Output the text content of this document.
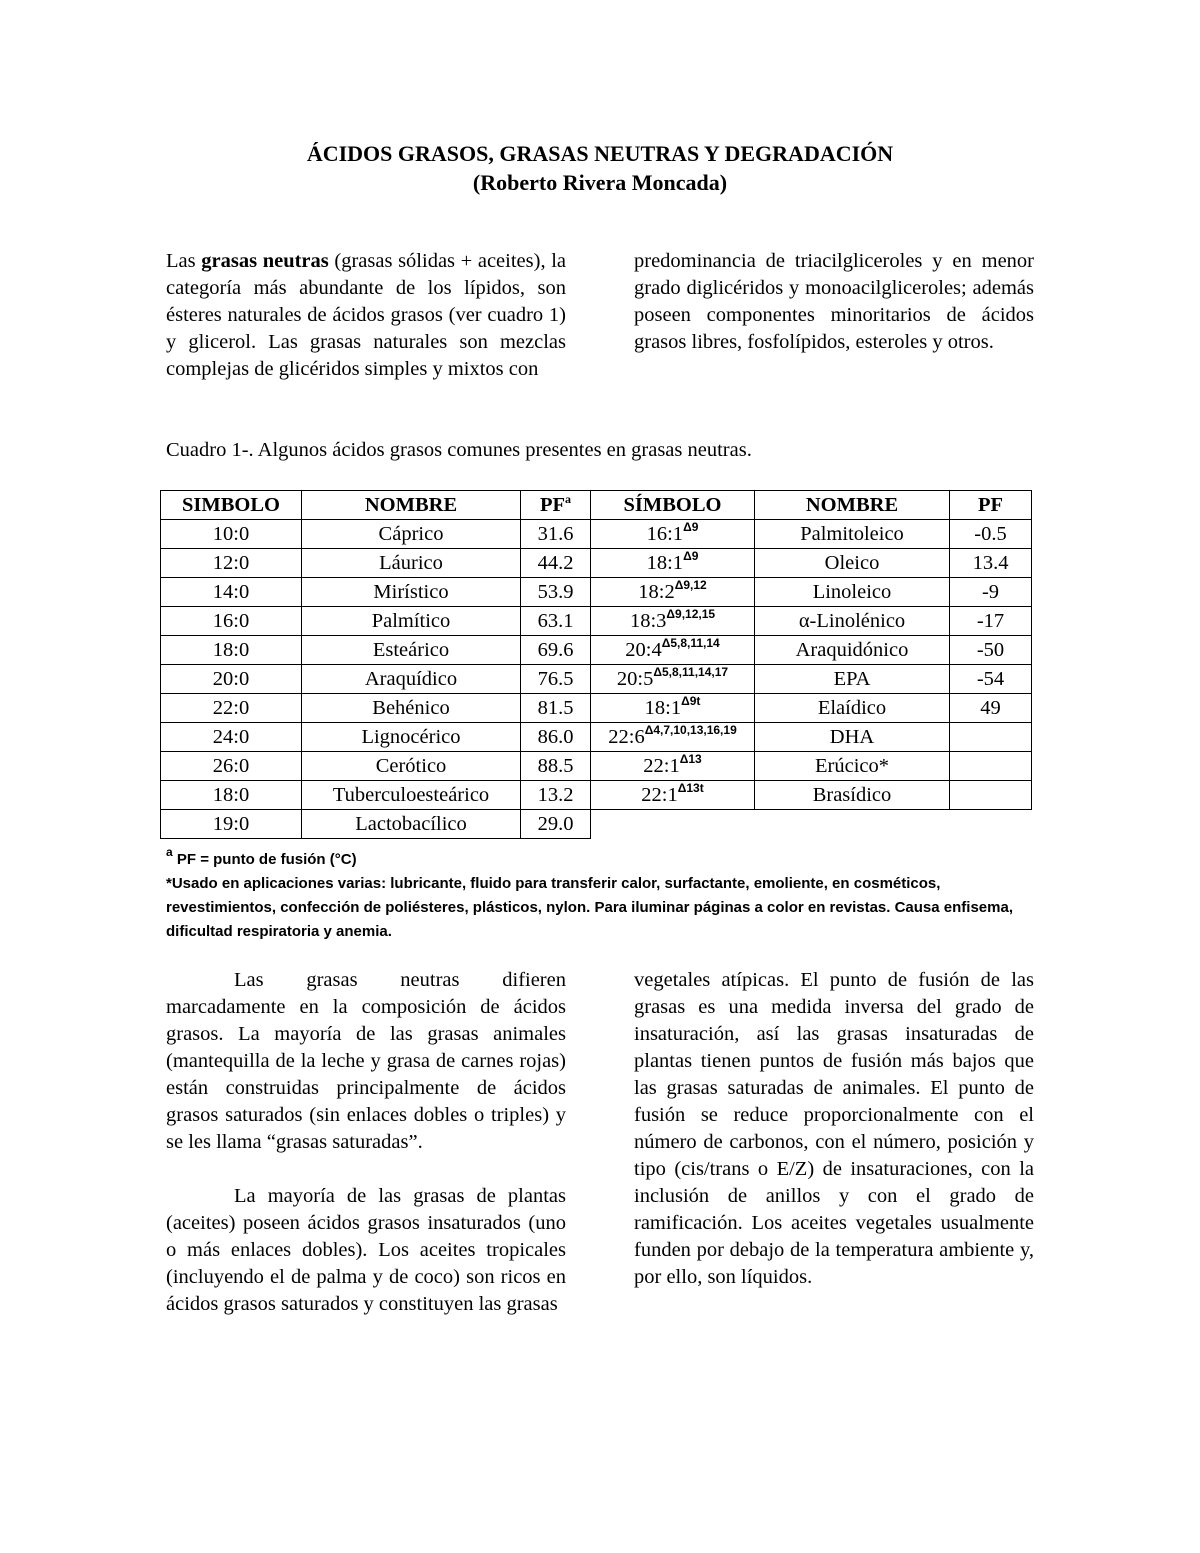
ÁCIDOS GRASOS, GRASAS NEUTRAS Y DEGRADACIÓN
(Roberto Rivera Moncada)

Las grasas neutras (grasas sólidas + aceites), la categoría más abundante de los lípidos, son ésteres naturales de ácidos grasos (ver cuadro 1) y glicerol. Las grasas naturales son mezclas complejas de glicéridos simples y mixtos con

predominancia de triacilgliceroles y en menor grado diglicéridos y monoacilgliceroles; además poseen componentes minoritarios de ácidos grasos libres, fosfolípidos, esteroles y otros.

Cuadro 1-. Algunos ácidos grasos comunes presentes en grasas neutras.
SIMBOLO	NOMBRE	$PF^a$	SÍMBOLO	NOMBRE	PF
10:0	Cáprico	31.6	$16:1^{\Delta 9}$	Palmitoleico	-0.5
12:0	Láurico	44.2	$18:1^{\Delta 9}$	Oleico	13.4
14:0	Mirístico	53.9	$18:2^{\Delta 9,12}$	Linoleico	-9
16:0	Palmítico	63.1	$18:3^{\Delta 9,12,15}$	α-Linolénico	-17
18:0	Esteárico	69.6	$20:4^{\Delta 5,8,11,14}$	Araquidónico	-50
20:0	Araquídico	76.5	$20:5^{\Delta 5,8,11,14,17}$	EPA	-54
22:0	Behénico	81.5	$18:1^{\Delta 9t}$	Elaídico	49
24:0	Lignocérico	86.0	$22:6^{\Delta 4,7,10,13,16,19}$	DHA	
26:0	Cerótico	88.5	$22:1^{\Delta 13}$	Erúcico*	
18:0	Tuberculoesteárico	13.2	$22:1^{\Delta 13t}$	Brasídico	
19:0	Lactobacílico	29.0			

$^a$ PF = punto de fusión (°C)

*Usado en aplicaciones varias: lubricante, fluido para transferir calor, surfactante, emoliente, en cosméticos, revestimientos, confección de poliésteres, plásticos, nylon. Para iluminar páginas a color en revistas. Causa enfisema, dificultad respiratoria y anemia.

Las grasas neutras difieren marcadamente en la composición de ácidos grasos. La mayoría de las grasas animales (mantequilla de la leche y grasa de carnes rojas) están construidas principalmente de ácidos grasos saturados (sin enlaces dobles o triples) y se les llama “grasas saturadas”.

La mayoría de las grasas de plantas (aceites) poseen ácidos grasos insaturados (uno o más enlaces dobles). Los aceites tropicales (incluyendo el de palma y de coco) son ricos en ácidos grasos saturados y constituyen las grasas

vegetales atípicas. El punto de fusión de las grasas es una medida inversa del grado de insaturación, así las grasas insaturadas de plantas tienen puntos de fusión más bajos que las grasas saturadas de animales. El punto de fusión se reduce proporcionalmente con el número de carbonos, con el número, posición y tipo (cis/trans o E/Z) de insaturaciones, con la inclusión de anillos y con el grado de ramificación. Los aceites vegetales usualmente funden por debajo de la temperatura ambiente y, por ello, son líquidos.
